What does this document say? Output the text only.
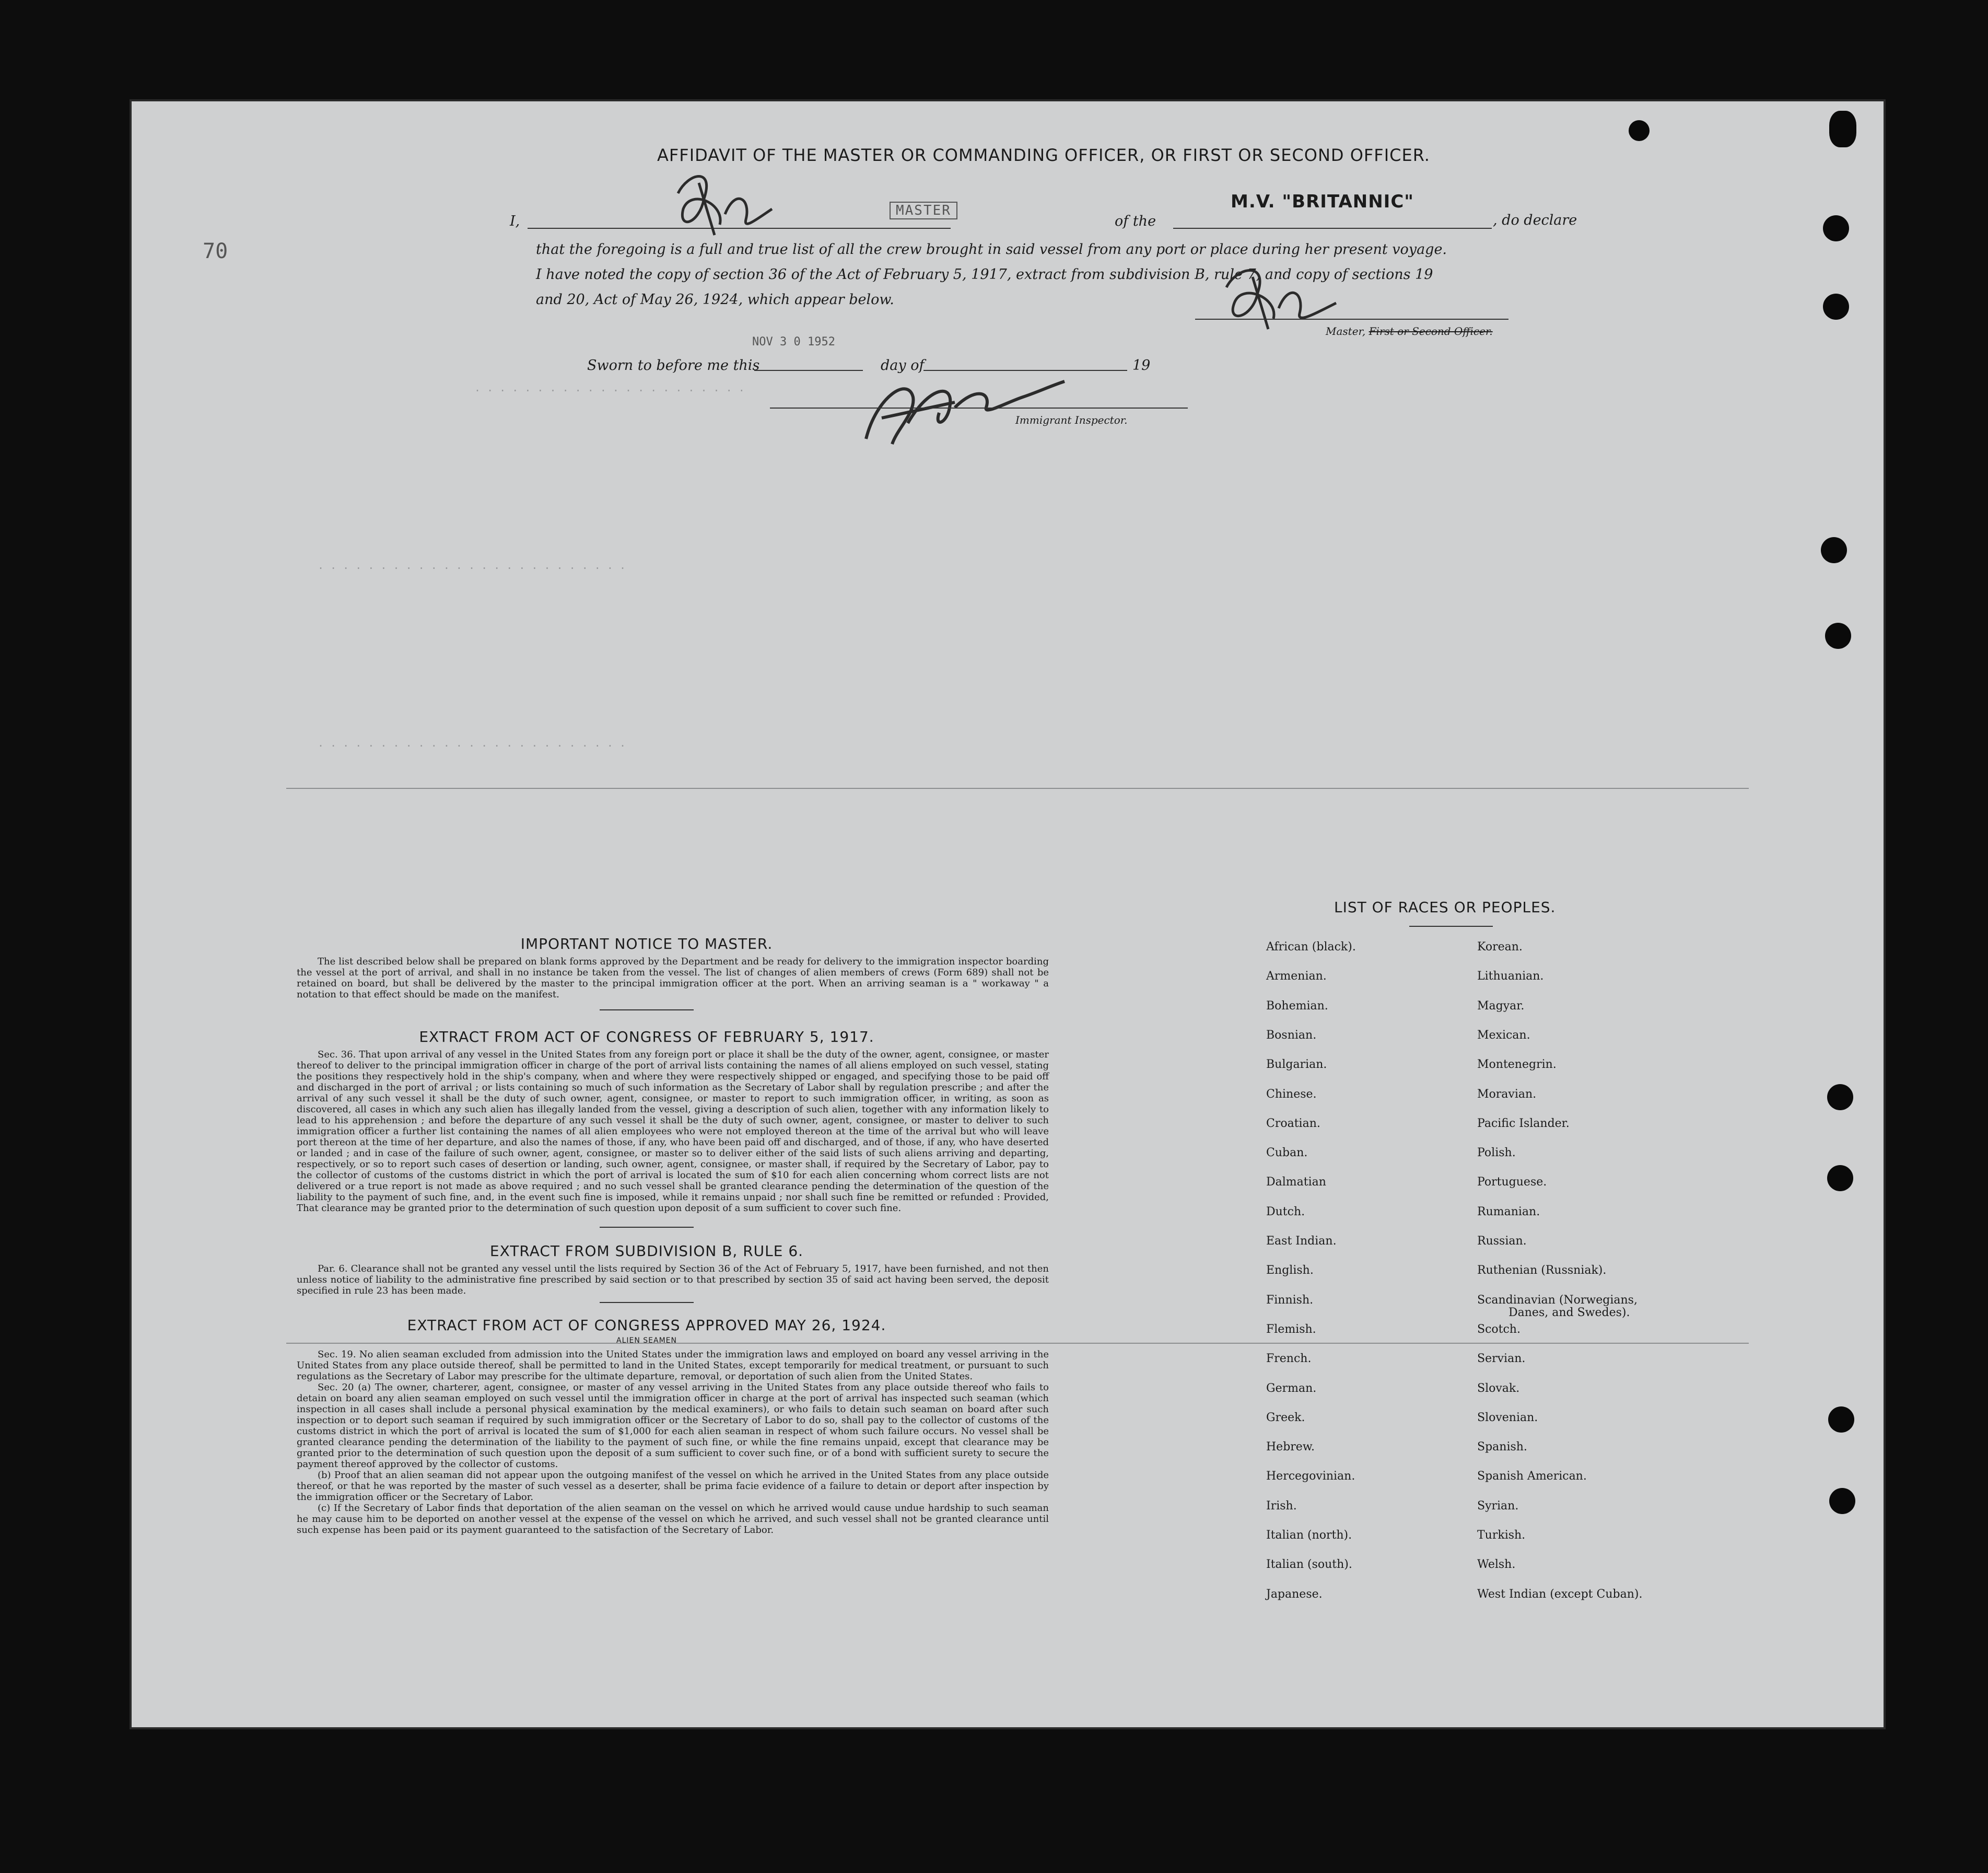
. . . . . . . . . . . . . . . . . . . . . .
. . . . . . . . . . . . . . . . . . . . . . . . .
. . . . . . . . . . . . . . . . . . . . . . . . .
70
AFFIDAVIT OF THE MASTER OR COMMANDING OFFICER, OR FIRST OR SECOND OFFICER.
I,
MASTER
of the
M.V. "BRITANNIC"
, do declare
that the foregoing is a full and true list of all the crew brought in said vessel from any port or place during her present voyage.
I have noted the copy of section 36 of the Act of February 5, 1917, extract from subdivision B, rule 7, and copy of sections 19
and 20, Act of May 26, 1924, which appear below.
Master, First or Second Officer.
NOV 3 0 1952
Sworn to before me this	day of	19
Immigrant Inspector.
IMPORTANT NOTICE TO MASTER.
The list described below shall be prepared on blank forms approved by the Department and be ready for delivery to the immigration inspector boarding the vessel at the port of arrival, and shall in no instance be taken from the vessel. The list of changes of alien members of crews (Form 689) shall not be retained on board, but shall be delivered by the master to the principal immigration officer at the port. When an arriving seaman is a " workaway " a notation to that effect should be made on the manifest.
EXTRACT FROM ACT OF CONGRESS OF FEBRUARY 5, 1917.
Sec. 36. That upon arrival of any vessel in the United States from any foreign port or place it shall be the duty of the owner, agent, consignee, or master thereof to deliver to the principal immigration officer in charge of the port of arrival lists containing the names of all aliens employed on such vessel, stating the positions they respectively hold in the ship's company, when and where they were respectively shipped or engaged, and specifying those to be paid off and discharged in the port of arrival ; or lists containing so much of such information as the Secretary of Labor shall by regulation prescribe ; and after the arrival of any such vessel it shall be the duty of such owner, agent, consignee, or master to report to such immigration officer, in writing, as soon as discovered, all cases in which any such alien has illegally landed from the vessel, giving a description of such alien, together with any information likely to lead to his apprehension ; and before the departure of any such vessel it shall be the duty of such owner, agent, consignee, or master to deliver to such immigration officer a further list containing the names of all alien employees who were not employed thereon at the time of the arrival but who will leave port thereon at the time of her departure, and also the names of those, if any, who have been paid off and discharged, and of those, if any, who have deserted or landed ; and in case of the failure of such owner, agent, consignee, or master so to deliver either of the said lists of such aliens arriving and departing, respectively, or so to report such cases of desertion or landing, such owner, agent, consignee, or master shall, if required by the Secretary of Labor, pay to the collector of customs of the customs district in which the port of arrival is located the sum of $10 for each alien concerning whom correct lists are not delivered or a true report is not made as above required ; and no such vessel shall be granted clearance pending the determination of the question of the liability to the payment of such fine, and, in the event such fine is imposed, while it remains unpaid ; nor shall such fine be remitted or refunded : Provided, That clearance may be granted prior to the determination of such question upon deposit of a sum sufficient to cover such fine.
EXTRACT FROM SUBDIVISION B, RULE 6.
Par. 6. Clearance shall not be granted any vessel until the lists required by Section 36 of the Act of February 5, 1917, have been furnished, and not then unless notice of liability to the administrative fine prescribed by said section or to that prescribed by section 35 of said act having been served, the deposit specified in rule 23 has been made.
EXTRACT FROM ACT OF CONGRESS APPROVED MAY 26, 1924.
ALIEN SEAMEN
Sec. 19. No alien seaman excluded from admission into the United States under the immigration laws and employed on board any vessel arriving in the United States from any place outside thereof, shall be permitted to land in the United States, except temporarily for medical treatment, or pursuant to such regulations as the Secretary of Labor may prescribe for the ultimate departure, removal, or deportation of such alien from the United States.
Sec. 20 (a) The owner, charterer, agent, consignee, or master of any vessel arriving in the United States from any place outside thereof who fails to detain on board any alien seaman employed on such vessel until the immigration officer in charge at the port of arrival has inspected such seaman (which inspection in all cases shall include a personal physical examination by the medical examiners), or who fails to detain such seaman on board after such inspection or to deport such seaman if required by such immigration officer or the Secretary of Labor to do so, shall pay to the collector of customs of the customs district in which the port of arrival is located the sum of $1,000 for each alien seaman in respect of whom such failure occurs. No vessel shall be granted clearance pending the determination of the liability to the payment of such fine, or while the fine remains unpaid, except that clearance may be granted prior to the determination of such question upon the deposit of a sum sufficient to cover such fine, or of a bond with sufficient surety to secure the payment thereof approved by the collector of customs.
(b) Proof that an alien seaman did not appear upon the outgoing manifest of the vessel on which he arrived in the United States from any place outside thereof, or that he was reported by the master of such vessel as a deserter, shall be prima facie evidence of a failure to detain or deport after inspection by the immigration officer or the Secretary of Labor.
(c) If the Secretary of Labor finds that deportation of the alien seaman on the vessel on which he arrived would cause undue hardship to such seaman he may cause him to be deported on another vessel at the expense of the vessel on which he arrived, and such vessel shall not be granted clearance until such expense has been paid or its payment guaranteed to the satisfaction of the Secretary of Labor.
LIST OF RACES OR PEOPLES.
Danes, and Swedes).
African (black).
Armenian.
Bohemian.
Bosnian.
Bulgarian.
Chinese.
Croatian.
Cuban.
Dalmatian
Dutch.
East Indian.
English.
Finnish.
Flemish.
French.
German.
Greek.
Hebrew.
Hercegovinian.
Irish.
Italian (north).
Italian (south).
Japanese.
Korean.
Lithuanian.
Magyar.
Mexican.
Montenegrin.
Moravian.
Pacific Islander.
Polish.
Portuguese.
Rumanian.
Russian.
Ruthenian (Russniak).
Scandinavian (Norwegians,
Scotch.
Servian.
Slovak.
Slovenian.
Spanish.
Spanish American.
Syrian.
Turkish.
Welsh.
West Indian (except Cuban).
